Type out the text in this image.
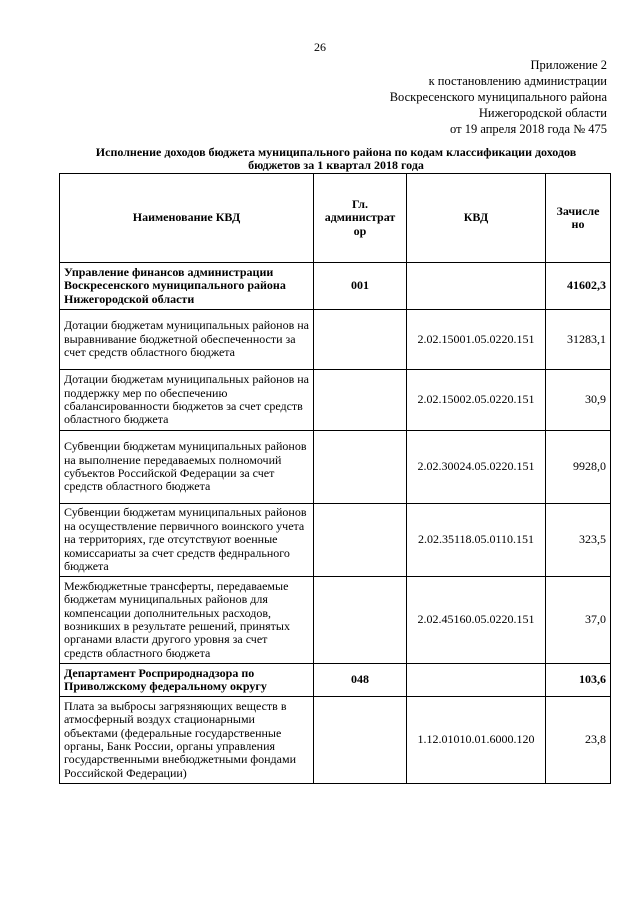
26
Приложение 2
к постановлению администрации
Воскресенского муниципального района
Нижегородской области
от 19 апреля 2018 года № 475
Исполнение доходов бюджета муниципального района по кодам классификации доходов
бюджетов за 1 квартал 2018 года
Наименование КВД	Гл. администрат ор	КВД	Зачисле но
Управление финансов администрации Воскресенского муниципального района Нижегородской области	001		41602,3
Дотации бюджетам муниципальных районов на выравнивание бюджетной обеспеченности за счет средств областного бюджета		2.02.15001.05.0220.151	31283,1
Дотации бюджетам муниципальных районов на поддержку мер по обеспечению сбалансированности бюджетов за счет средств областного бюджета		2.02.15002.05.0220.151	30,9
Субвенции бюджетам муниципальных районов на выполнение передаваемых полномочий субъектов Российской Федерации за счет средств областного бюджета		2.02.30024.05.0220.151	9928,0
Субвенции бюджетам муниципальных районов на осуществление первичного воинского учета на территориях, где отсутствуют военные комиссариаты за счет средств феднрального бюджета		2.02.35118.05.0110.151	323,5
Межбюджетные трансферты, передаваемые бюджетам муниципальных районов для компенсации дополнительных расходов, возникших в результате решений, принятых органами власти другого уровня за счет средств областного бюджета		2.02.45160.05.0220.151	37,0
Департамент Росприроднадзора по Приволжскому федеральному округу	048		103,6
Плата за выбросы загрязняющих веществ в атмосферный воздух стационарными объектами (федеральные государственные органы, Банк России, органы управления государственными внебюджетными фондами Российской Федерации)		1.12.01010.01.6000.120	23,8
